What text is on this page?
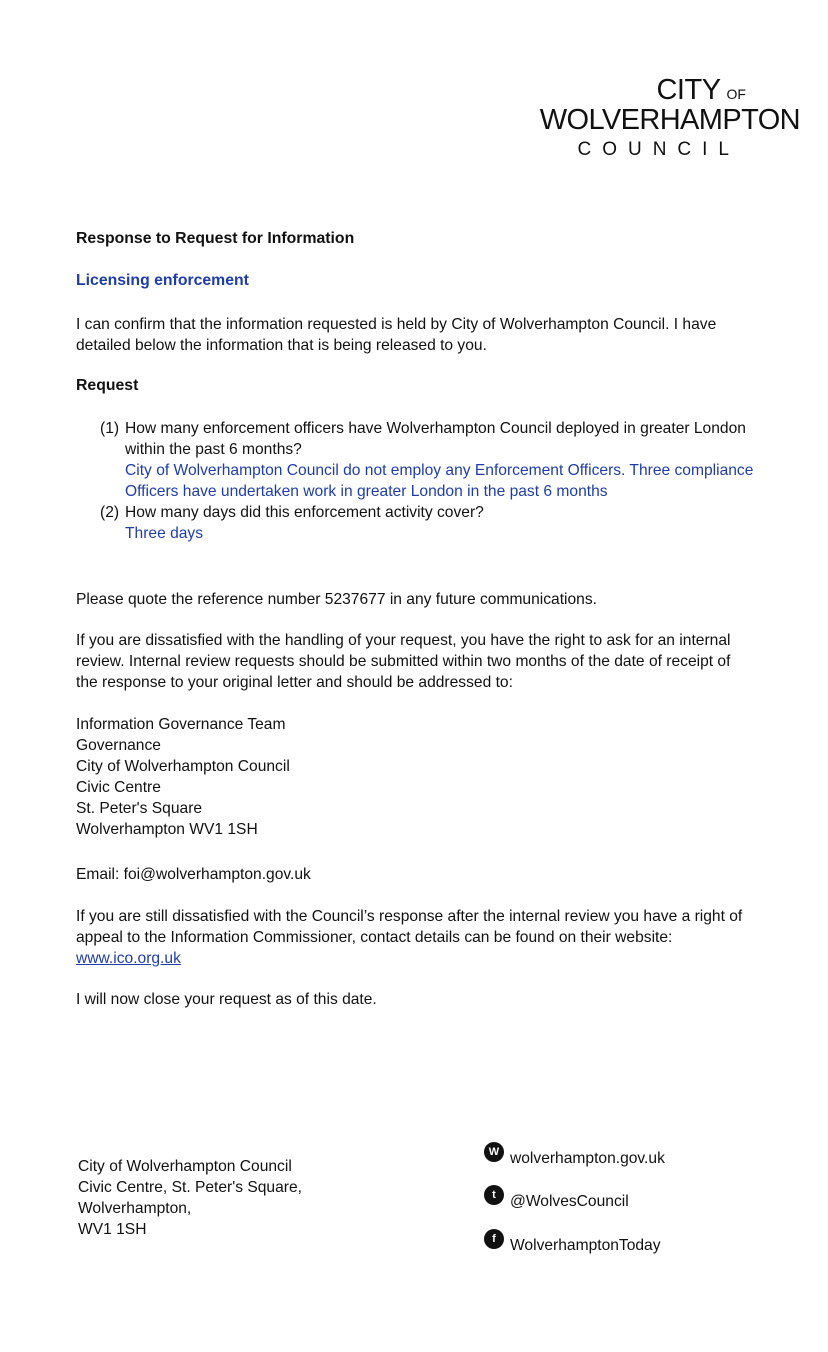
CITY OF
WOLVERHAMPTON
COUNCIL
Response to Request for Information
Licensing enforcement
I can confirm that the information requested is held by City of Wolverhampton Council. I have detailed below the information that is being released to you.
Request
(1) How many enforcement officers have Wolverhampton Council deployed in greater London within the past 6 months?
City of Wolverhampton Council do not employ any Enforcement Officers. Three compliance Officers have undertaken work in greater London in the past 6 months
(2) How many days did this enforcement activity cover?
Three days
Please quote the reference number 5237677 in any future communications.
If you are dissatisfied with the handling of your request, you have the right to ask for an internal review. Internal review requests should be submitted within two months of the date of receipt of the response to your original letter and should be addressed to:
Information Governance Team
Governance
City of Wolverhampton Council
Civic Centre
St. Peter's Square
Wolverhampton WV1 1SH
Email: foi@wolverhampton.gov.uk
If you are still dissatisfied with the Council’s response after the internal review you have a right of appeal to the Information Commissioner, contact details can be found on their website: www.ico.org.uk
I will now close your request as of this date.
City of Wolverhampton Council
Civic Centre, St. Peter's Square,
Wolverhampton,
WV1 1SH
W wolverhampton.gov.uk
t @WolvesCouncil
f WolverhamptonToday
